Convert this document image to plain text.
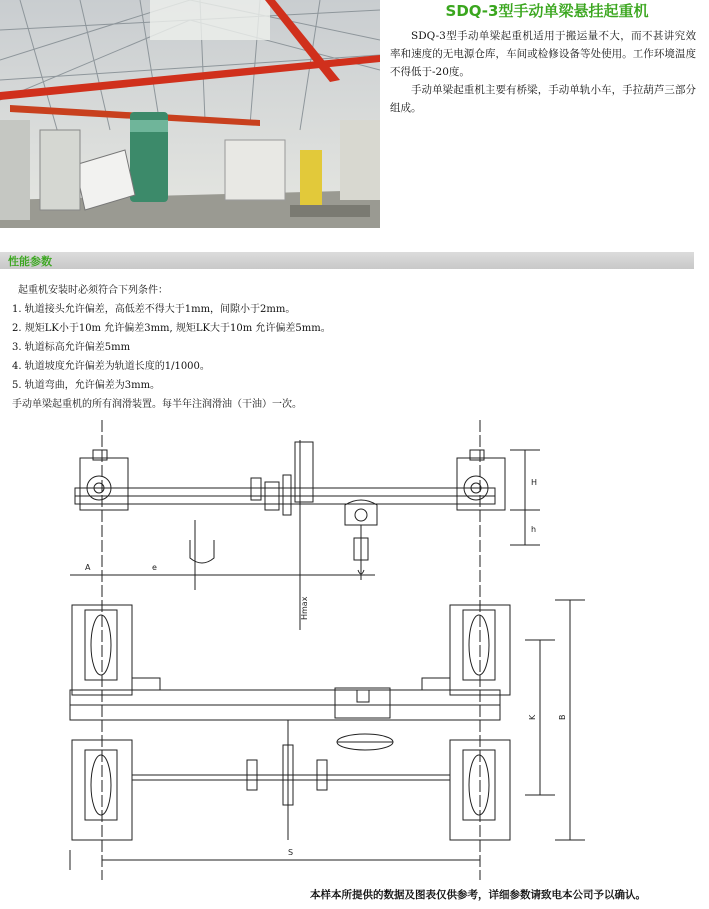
SDQ-3型手动单梁悬挂起重机

SDQ-3型手动单梁起重机适用于搬运量不大，而不甚讲究效率和速度的无电源仓库，车间或检修设备等处使用。工作环境温度不得低于-20度。

手动单梁起重机主要有桥梁，手动单轨小车，手拉葫芦三部分组成。

性能参数
起重机安装时必须符合下列条件：
1. 轨道接头允许偏差，高低差不得大于1mm，间隙小于2mm。
2. 规矩LK小于10m 允许偏差3mm, 规矩LK大于10m 允许偏差5mm。
3. 轨道标高允许偏差5mm
4. 轨道坡度允许偏差为轨道长度的1/1000。
5. 轨道弯曲，允许偏差为3mm。
手动单梁起重机的所有润滑装置。每半年注润滑油（干油）一次。
H
h
A	e
Hmax
K	B
S
本样本所提供的数据及图表仅供参考，详细参数请致电本公司予以确认。
